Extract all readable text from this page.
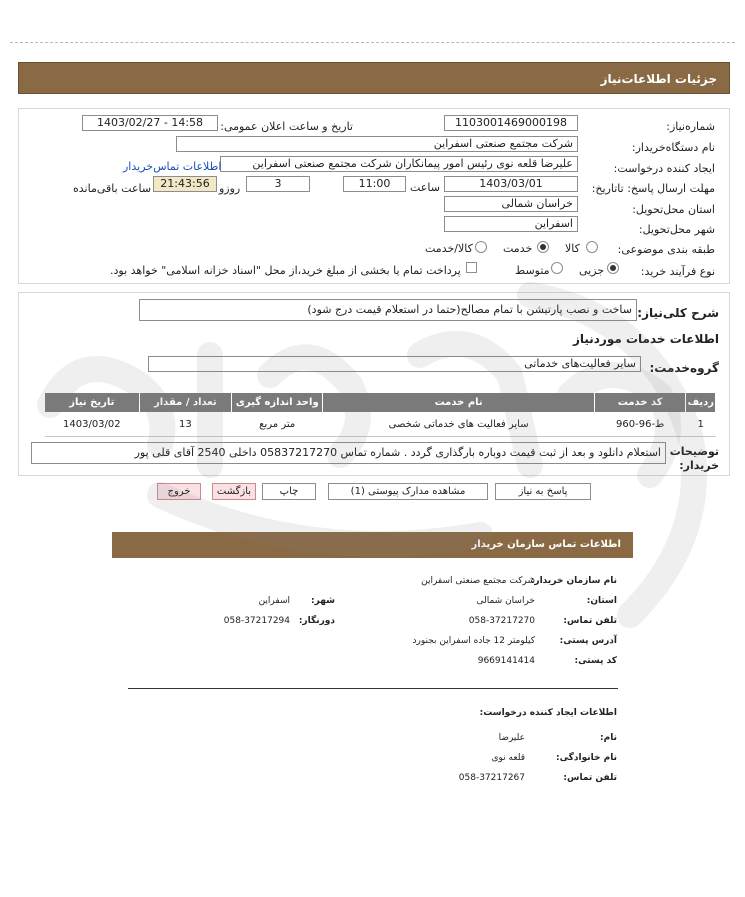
جزئیات اطلاعات‌نیاز
شماره‌نیاز:
1103001469000198
تاریخ و ساعت اعلان عمومی:
1403/02/27 - 14:58
نام دستگاه‌خریدار:
شرکت مجتمع صنعتی اسفراین
ایجاد کننده درخواست:
علیرضا قلعه نوی رئیس امور پیمانکاران شرکت مجتمع صنعتی اسفراین
اطلاعات تماس‌خریدار
مهلت ارسال پاسخ: تاتاریخ:
1403/03/01
ساعت
11:00
3
روزو
21:43:56
ساعت باقی‌مانده
استان محل‌تحویل:
خراسان شمالی
شهر محل‌تحویل:
اسفراین
طبقه بندی موضوعی:
کالا
خدمت
کالا/خدمت
نوع فرآیند خرید:
جزیی
متوسط
پرداخت تمام یا بخشی از مبلغ خرید،از محل "اسناد خزانه اسلامی" خواهد بود.
شرح کلی‌نیاز:
ساخت و نصب پارتیشن با تمام مصالح(حتما در استعلام قیمت درج شود)
اطلاعات خدمات موردنیاز
گروه‌خدمت:
سایر فعالیت‌های خدماتی
ردیف	کد خدمت	نام خدمت	واحد اندازه گیری	تعداد / مقدار	تاریخ نیاز
1	ط-96-960	سایر فعالیت های خدماتی شخصی	متر مربع	13	1403/03/02
توضیحات خریدار:
استعلام دانلود و بعد از ثبت قیمت دوباره بارگذاری گردد . شماره تماس 05837217270 داخلی 2540 آقای قلی پور
پاسخ به نیاز
مشاهده مدارک پیوستی (1)
چاپ
بازگشت
خروج
اطلاعات تماس سازمان خریدار
نام سازمان خریدار:
شرکت مجتمع صنعتی اسفراین
استان:
خراسان شمالی
شهر:
اسفراین
تلفن تماس:
058-37217270
دورنگار:
058-37217294
آدرس پستی:
کیلومتر 12 جاده اسفراین بجنورد
کد پستی:
9669141414
اطلاعات ایجاد کننده درخواست:
نام:
علیرضا
نام خانوادگی:
قلعه نوی
تلفن تماس:
058-37217267
